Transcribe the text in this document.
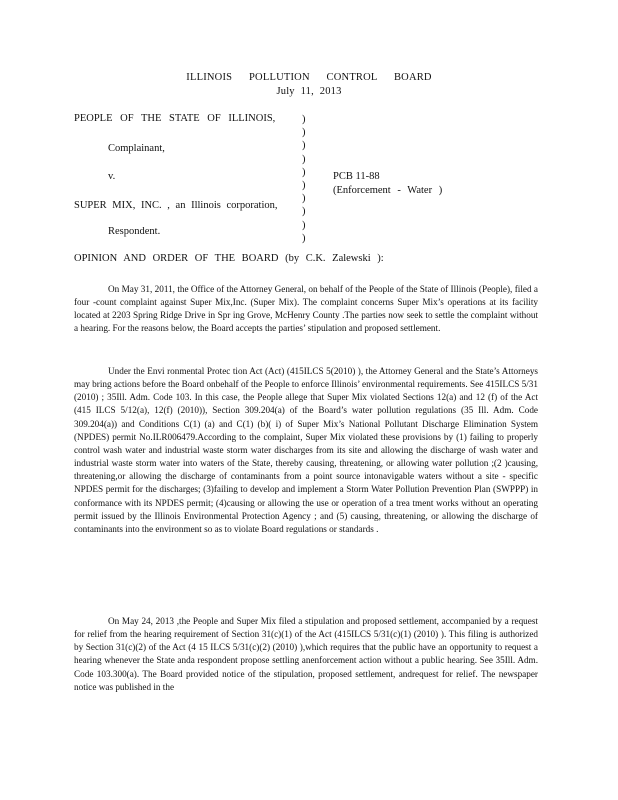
ILLINOIS POLLUTION CONTROL BOARD
July 11, 2013
PEOPLE OF THE STATE OF ILLINOIS,
Complainant,
v.	PCB 11-88
(Enforcement - Water )
SUPER MIX, INC. , an Illinois corporation,
Respondent.
)
)
)
)
)
)
)
)
)
)
OPINION AND ORDER OF THE BOARD (by C.K. Zalewski ):

On May 31, 2011, the Office of the Attorney General, on behalf of the People of the State of Illinois (People), filed a four -count complaint against Super Mix,Inc. (Super Mix). The complaint concerns Super Mix’s operations at its facility located at 2203 Spring Ridge Drive in Spr ing Grove, McHenry County .The parties now seek to settle the complaint without a hearing. For the reasons below, the Board accepts the parties’ stipulation and proposed settlement.

Under the Envi ronmental Protec tion Act (Act) (415ILCS 5(2010) ), the Attorney General and the State’s Attorneys may bring actions before the Board onbehalf of the People to enforce Illinois’ environmental requirements. See 415ILCS 5/31 (2010) ; 35Ill. Adm. Code 103. In this case, the People allege that Super Mix violated Sections 12(a) and 12 (f) of the Act (415 ILCS 5/12(a), 12(f) (2010)), Section 309.204(a) of the Board’s water pollution regulations (35 Ill. Adm. Code 309.204(a)) and Conditions C(1) (a) and C(1) (b)( i) of Super Mix’s National Pollutant Discharge Elimination System (NPDES) permit No.ILR006479.According to the complaint, Super Mix violated these provisions by (1) failing to properly control wash water and industrial waste storm water discharges from its site and allowing the discharge of wash water and industrial waste storm water into waters of the State, thereby causing, threatening, or allowing water pollution ;(2 )causing, threatening,or allowing the discharge of contaminants from a point source intonavigable waters without a site - specific NPDES permit for the discharges; (3)failing to develop and implement a Storm Water Pollution Prevention Plan (SWPPP) in conformance with its NPDES permit; (4)causing or allowing the use or operation of a trea tment works without an operating permit issued by the Illinois Environmental Protection Agency ; and (5) causing, threatening, or allowing the discharge of contaminants into the environment so as to violate Board regulations or standards .

On May 24, 2013 ,the People and Super Mix filed a stipulation and proposed settlement, accompanied by a request for relief from the hearing requirement of Section 31(c)(1) of the Act (415ILCS 5/31(c)(1) (2010) ). This filing is authorized by Section 31(c)(2) of the Act (4 15 ILCS 5/31(c)(2) (2010) ),which requires that the public have an opportunity to request a hearing whenever the State anda respondent propose settling anenforcement action without a public hearing. See 35Ill. Adm. Code 103.300(a). The Board provided notice of the stipulation, proposed settlement, andrequest for relief. The newspaper notice was published in the
